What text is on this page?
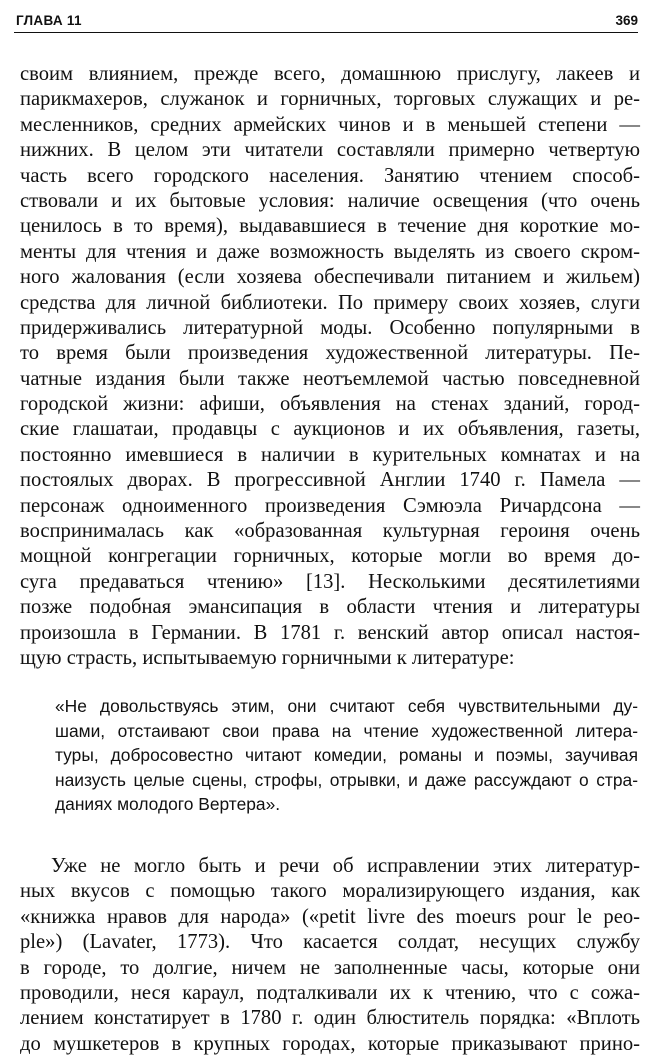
ГЛАВА 11	369
своим влиянием, прежде всего, домашнюю прислугу, лакеев и
парикмахеров, служанок и горничных, торговых служащих и ре-
месленников, средних армейских чинов и в меньшей степени —
нижних. В целом эти читатели составляли примерно четвертую
часть всего городского населения. Занятию чтением способ-
ствовали и их бытовые условия: наличие освещения (что очень
ценилось в то время), выдававшиеся в течение дня короткие мо-
менты для чтения и даже возможность выделять из своего скром-
ного жалования (если хозяева обеспечивали питанием и жильем)
средства для личной библиотеки. По примеру своих хозяев, слуги
придерживались литературной моды. Особенно популярными в
то время были произведения художественной литературы. Пе-
чатные издания были также неотъемлемой частью повседневной
городской жизни: афиши, объявления на стенах зданий, город-
ские глашатаи, продавцы с аукционов и их объявления, газеты,
постоянно имевшиеся в наличии в курительных комнатах и на
постоялых дворах. В прогрессивной Англии 1740 г. Памела —
персонаж одноименного произведения Сэмюэла Ричардсона —
воспринималась как «образованная культурная героиня очень
мощной конгрегации горничных, которые могли во время до-
суга предаваться чтению» [13]. Несколькими десятилетиями
позже подобная эмансипация в области чтения и литературы
произошла в Германии. В 1781 г. венский автор описал настоя-
щую страсть, испытываемую горничными к литературе:
«Не довольствуясь этим, они считают себя чувствительными ду-
шами, отстаивают свои права на чтение художественной литера-
туры, добросовестно читают комедии, романы и поэмы, заучивая
наизусть целые сцены, строфы, отрывки, и даже рассуждают о стра-
даниях молодого Вертера».
Уже не могло быть и речи об исправлении этих литератур-
ных вкусов с помощью такого морализирующего издания, как
«книжка нравов для народа» («petit livre des moeurs pour le peo-
ple») (Lavater, 1773). Что касается солдат, несущих службу
в городе, то долгие, ничем не заполненные часы, которые они
проводили, неся караул, подталкивали их к чтению, что с сожа-
лением констатирует в 1780 г. один блюститель порядка: «Вплоть
до мушкетеров в крупных городах, которые приказывают прино-
